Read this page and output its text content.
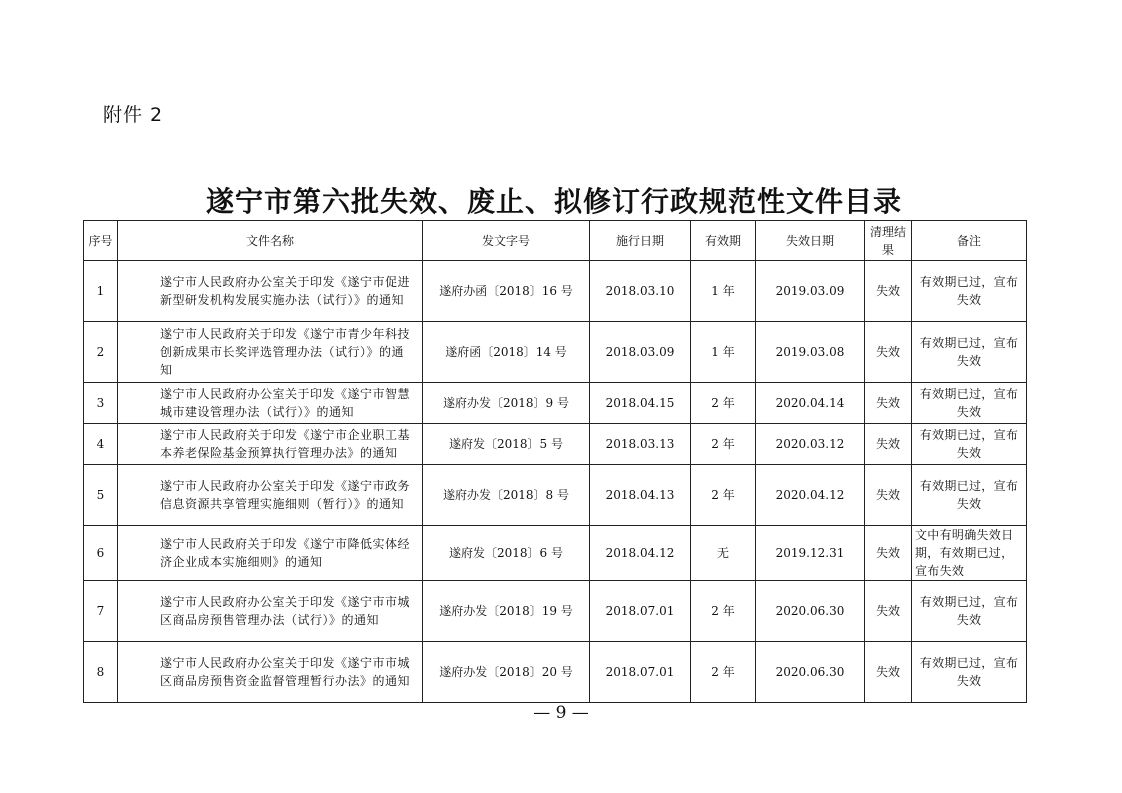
附件 2
遂宁市第六批失效、废止、拟修订行政规范性文件目录
序号	文件名称	发文字号	施行日期	有效期	失效日期	清理结果	备注
1	遂宁市人民政府办公室关于印发《遂宁市促进新型研发机构发展实施办法（试行）》的通知	遂府办函〔2018〕16 号	2018.03.10	1 年	2019.03.09	失效	有效期已过，宣布失效
2	遂宁市人民政府关于印发《遂宁市青少年科技创新成果市长奖评选管理办法（试行）》的通知	遂府函〔2018〕14 号	2018.03.09	1 年	2019.03.08	失效	有效期已过，宣布失效
3	遂宁市人民政府办公室关于印发《遂宁市智慧城市建设管理办法（试行）》的通知	遂府办发〔2018〕9 号	2018.04.15	2 年	2020.04.14	失效	有效期已过，宣布失效
4	遂宁市人民政府关于印发《遂宁市企业职工基本养老保险基金预算执行管理办法》的通知	遂府发〔2018〕5 号	2018.03.13	2 年	2020.03.12	失效	有效期已过，宣布失效
5	遂宁市人民政府办公室关于印发《遂宁市政务信息资源共享管理实施细则（暂行）》的通知	遂府办发〔2018〕8 号	2018.04.13	2 年	2020.04.12	失效	有效期已过，宣布失效
6	遂宁市人民政府关于印发《遂宁市降低实体经济企业成本实施细则》的通知	遂府发〔2018〕6 号	2018.04.12	无	2019.12.31	失效	文中有明确失效日期，有效期已过，宣布失效
7	遂宁市人民政府办公室关于印发《遂宁市市城区商品房预售管理办法（试行）》的通知	遂府办发〔2018〕19 号	2018.07.01	2 年	2020.06.30	失效	有效期已过，宣布失效
8	遂宁市人民政府办公室关于印发《遂宁市市城区商品房预售资金监督管理暂行办法》的通知	遂府办发〔2018〕20 号	2018.07.01	2 年	2020.06.30	失效	有效期已过，宣布失效
— 9 —
